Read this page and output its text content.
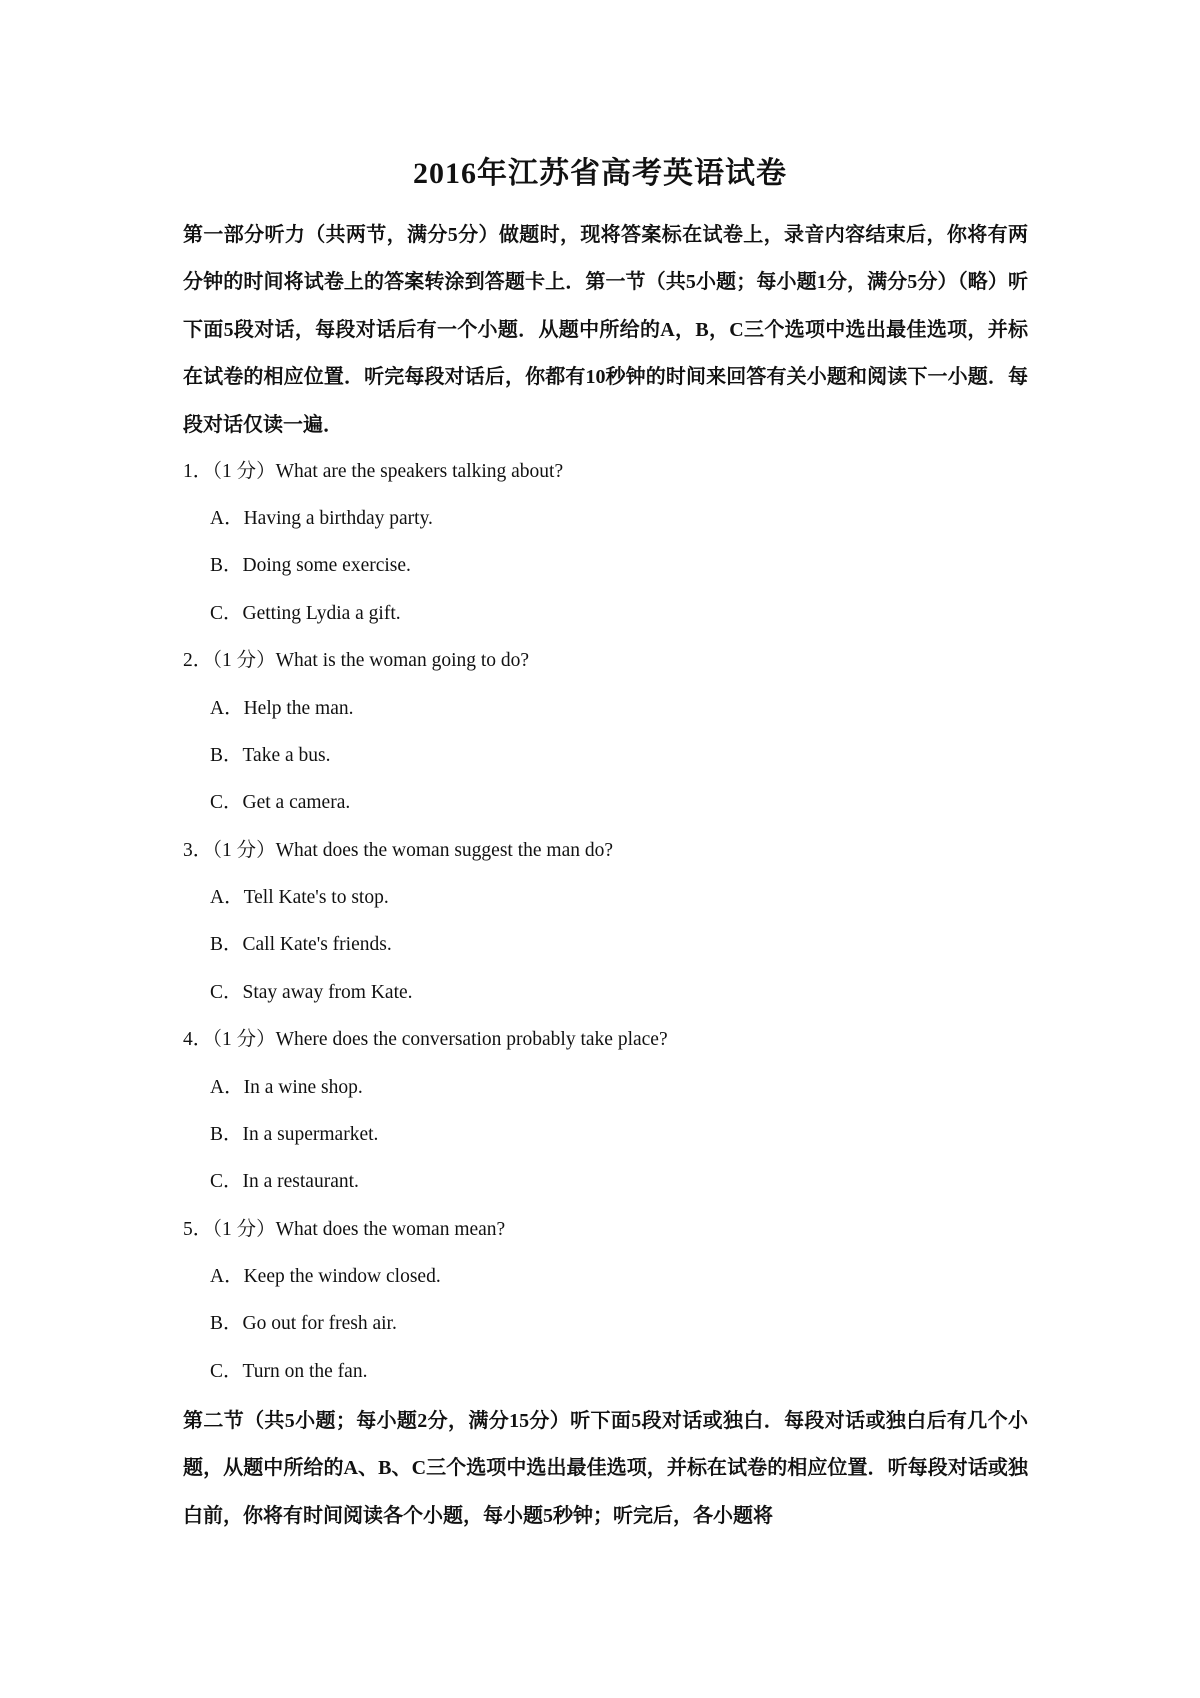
2016年江苏省高考英语试卷

第一部分听力（共两节，满分5分）做题时，现将答案标在试卷上，录音内容结束后，你将有两分钟的时间将试卷上的答案转涂到答题卡上．第一节（共5小题；每小题1分，满分5分）（略）听下面5段对话，每段对话后有一个小题．从题中所给的A，B，C三个选项中选出最佳选项，并标在试卷的相应位置．听完每段对话后，你都有10秒钟的时间来回答有关小题和阅读下一小题．每段对话仅读一遍．

1．（1 分）What are the speakers talking about?
A．Having a birthday party.
B．Doing some exercise.
C．Getting Lydia a gift.
2．（1 分）What is the woman going to do?
A．Help the man.
B．Take a bus.
C．Get a camera.
3．（1 分）What does the woman suggest the man do?
A．Tell Kate's to stop.
B．Call Kate's friends.
C．Stay away from Kate.
4．（1 分）Where does the conversation probably take place?
A．In a wine shop.
B．In a supermarket.
C．In a restaurant.
5．（1 分）What does the woman mean?
A．Keep the window closed.
B．Go out for fresh air.
C．Turn on the fan.

第二节（共5小题；每小题2分，满分15分）听下面5段对话或独白．每段对话或独白后有几个小题，从题中所给的A、B、C三个选项中选出最佳选项，并标在试卷的相应位置．听每段对话或独白前，你将有时间阅读各个小题，每小题5秒钟；听完后，各小题将
